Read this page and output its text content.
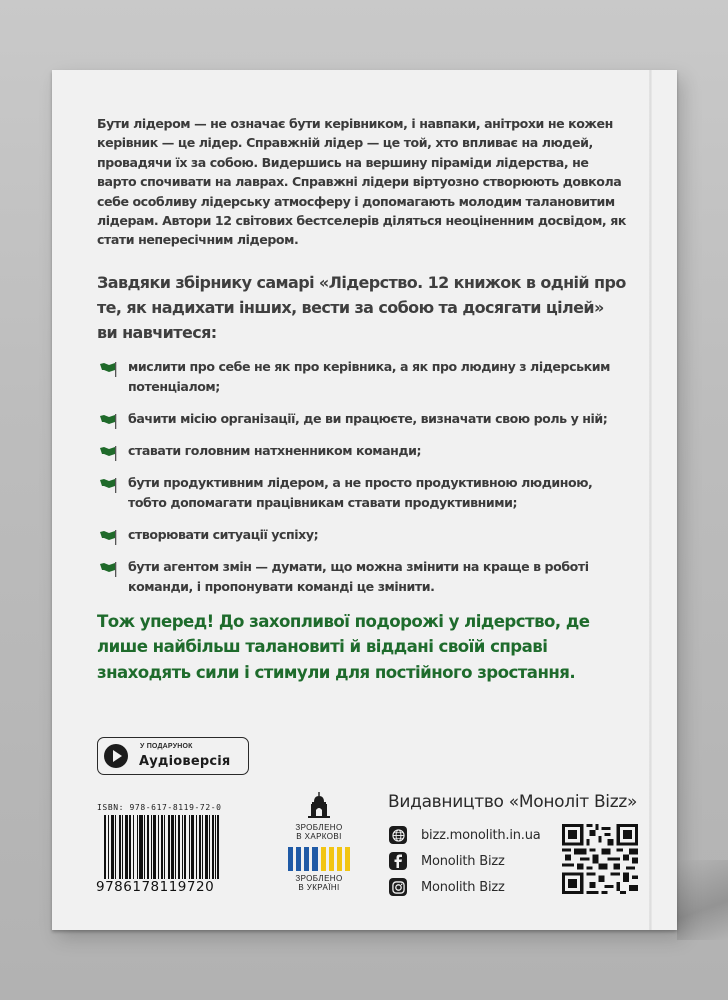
Бути лідером — не означає бути керівником, і навпаки, анітрохи не кожен керівник — це лідер. Справжній лідер — це той, хто впливає на людей, провадячи їх за собою. Видершись на вершину піраміди лідерства, не варто спочивати на лаврах. Справжні лідери віртуозно створюють довкола себе особливу лідерську атмосферу і допомагають молодим талановитим лідерам. Автори 12 світових бестселерів діляться неоціненним досвідом, як стати непересічним лідером.

Завдяки збірнику самарі «Лідерство. 12 книжок в одній про те, як надихати інших, вести за собою та досягати цілей» ви навчитеся:

мислити про себе не як про керівника, а як про людину з лідерським потенціалом;
бачити місію організації, де ви працюєте, визначати свою роль у ній;
ставати головним натхненником команди;
бути продуктивним лідером, а не просто продуктивною людиною, тобто допомагати працівникам ставати продуктивними;
створювати ситуації успіху;
бути агентом змін — думати, що можна змінити на краще в роботі команди, і пропонувати команді це змінити.

Тож уперед! До захопливої подорожі у лідерство, де лише найбільш талановиті й віддані своїй справі знаходять сили і стимули для постійного зростання.

У ПОДАРУНОК
Аудіоверсія
ISBN: 978-617-8119-72-0
9786178119720
ЗРОБЛЕНО
В ХАРКОВІ
ЗРОБЛЕНО
В УКРАЇНІ
Видавництво «Моноліт Bizz»
bizz.monolith.in.ua
Monolith Bizz
Monolith Bizz
